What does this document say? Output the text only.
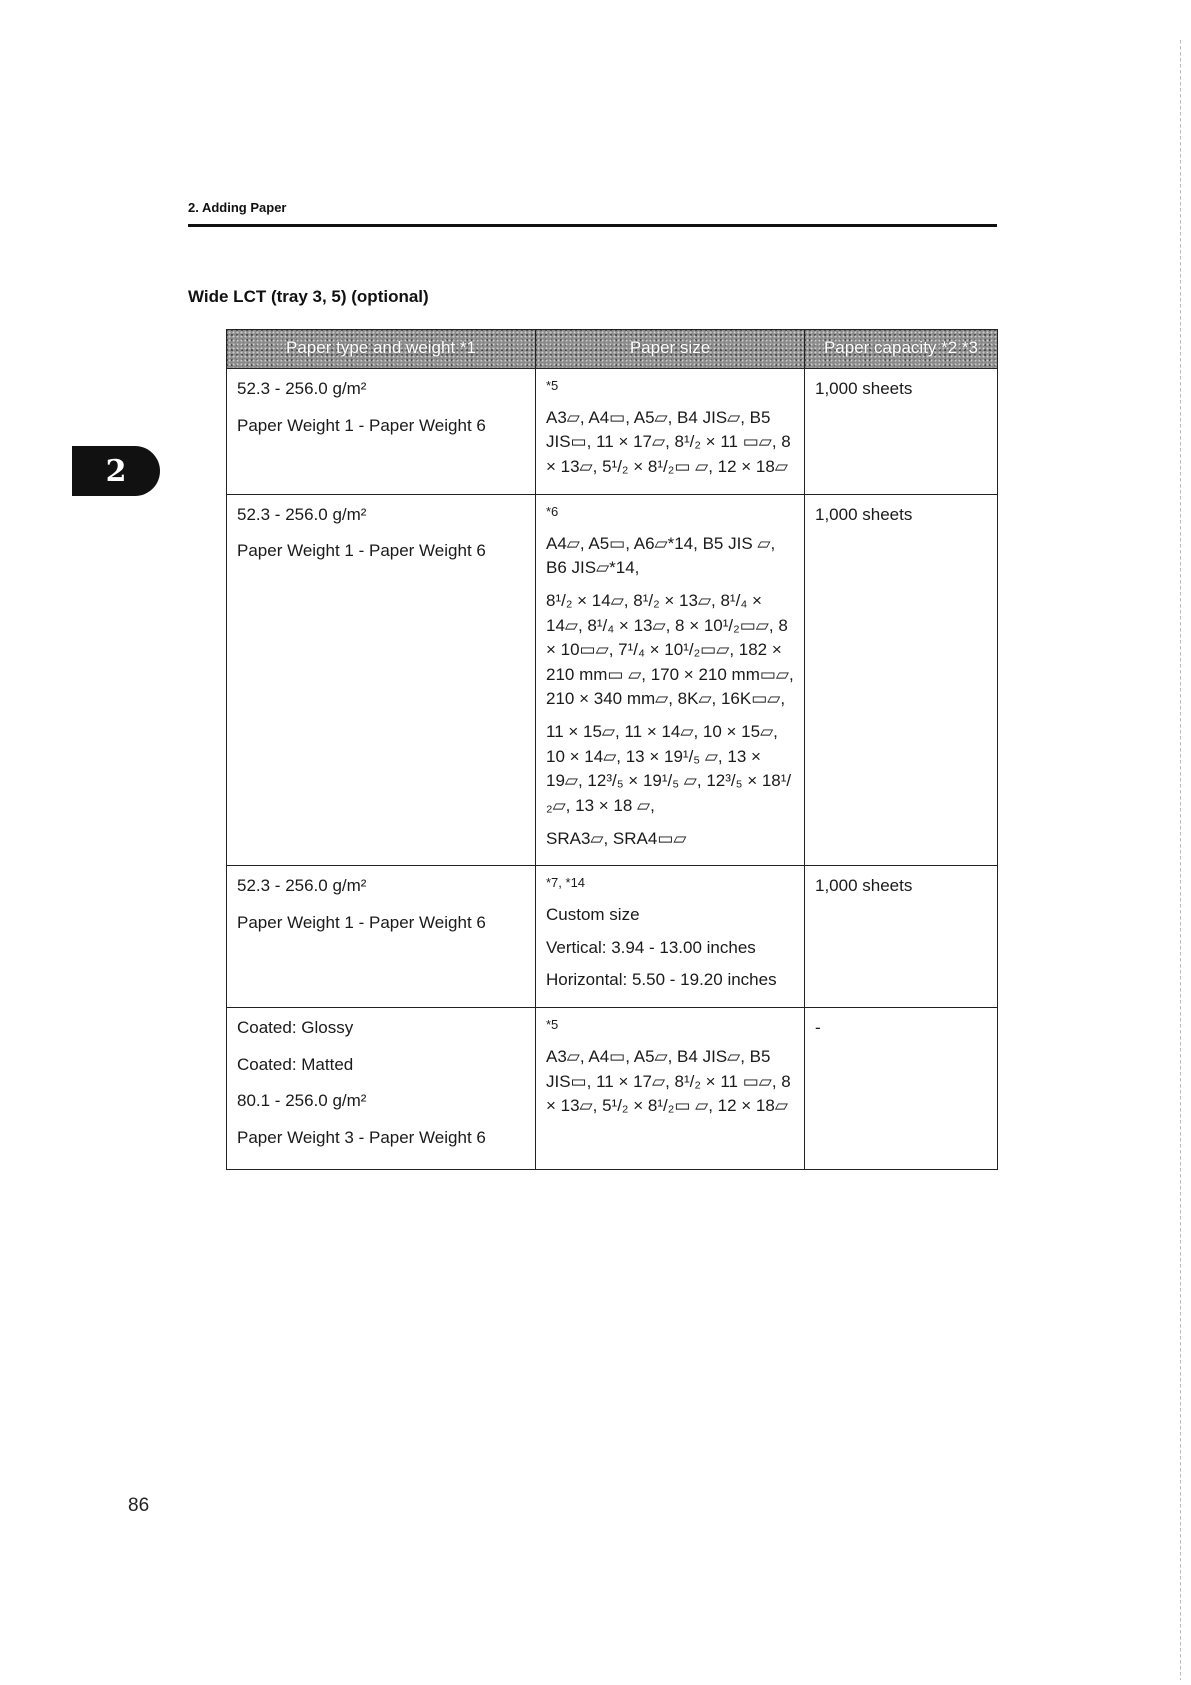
2. Adding Paper
Wide LCT (tray 3, 5) (optional)
2
Paper type and weight *1	Paper size	Paper capacity *2 *3

52.3 - 256.0 g/m²
Paper Weight 1 - Paper Weight 6	*5
A3▱, A4▭, A5▱, B4 JIS▱, B5 JIS▭, 11 × 17▱, 8¹/₂ × 11 ▭▱, 8 × 13▱, 5¹/₂ × 8¹/₂▭ ▱, 12 × 18▱	1,000 sheets

52.3 - 256.0 g/m²
Paper Weight 1 - Paper Weight 6	*6
A4▱, A5▭, A6▱*14, B5 JIS ▱, B6 JIS▱*14,
8¹/₂ × 14▱, 8¹/₂ × 13▱, 8¹/₄ × 14▱, 8¹/₄ × 13▱, 8 × 10¹/₂▭▱, 8 × 10▭▱, 7¹/₄ × 10¹/₂▭▱, 182 × 210 mm▭ ▱, 170 × 210 mm▭▱, 210 × 340 mm▱, 8K▱, 16K▭▱,
11 × 15▱, 11 × 14▱, 10 × 15▱, 10 × 14▱, 13 × 19¹/₅ ▱, 13 × 19▱, 12³/₅ × 19¹/₅ ▱, 12³/₅ × 18¹/₂▱, 13 × 18 ▱,
SRA3▱, SRA4▭▱	1,000 sheets

52.3 - 256.0 g/m²
Paper Weight 1 - Paper Weight 6	*7, *14
Custom size
Vertical: 3.94 - 13.00 inches
Horizontal: 5.50 - 19.20 inches	1,000 sheets

Coated: Glossy
Coated: Matted
80.1 - 256.0 g/m²
Paper Weight 3 - Paper Weight 6	*5
A3▱, A4▭, A5▱, B4 JIS▱, B5 JIS▭, 11 × 17▱, 8¹/₂ × 11 ▭▱, 8 × 13▱, 5¹/₂ × 8¹/₂▭ ▱, 12 × 18▱	-
86
